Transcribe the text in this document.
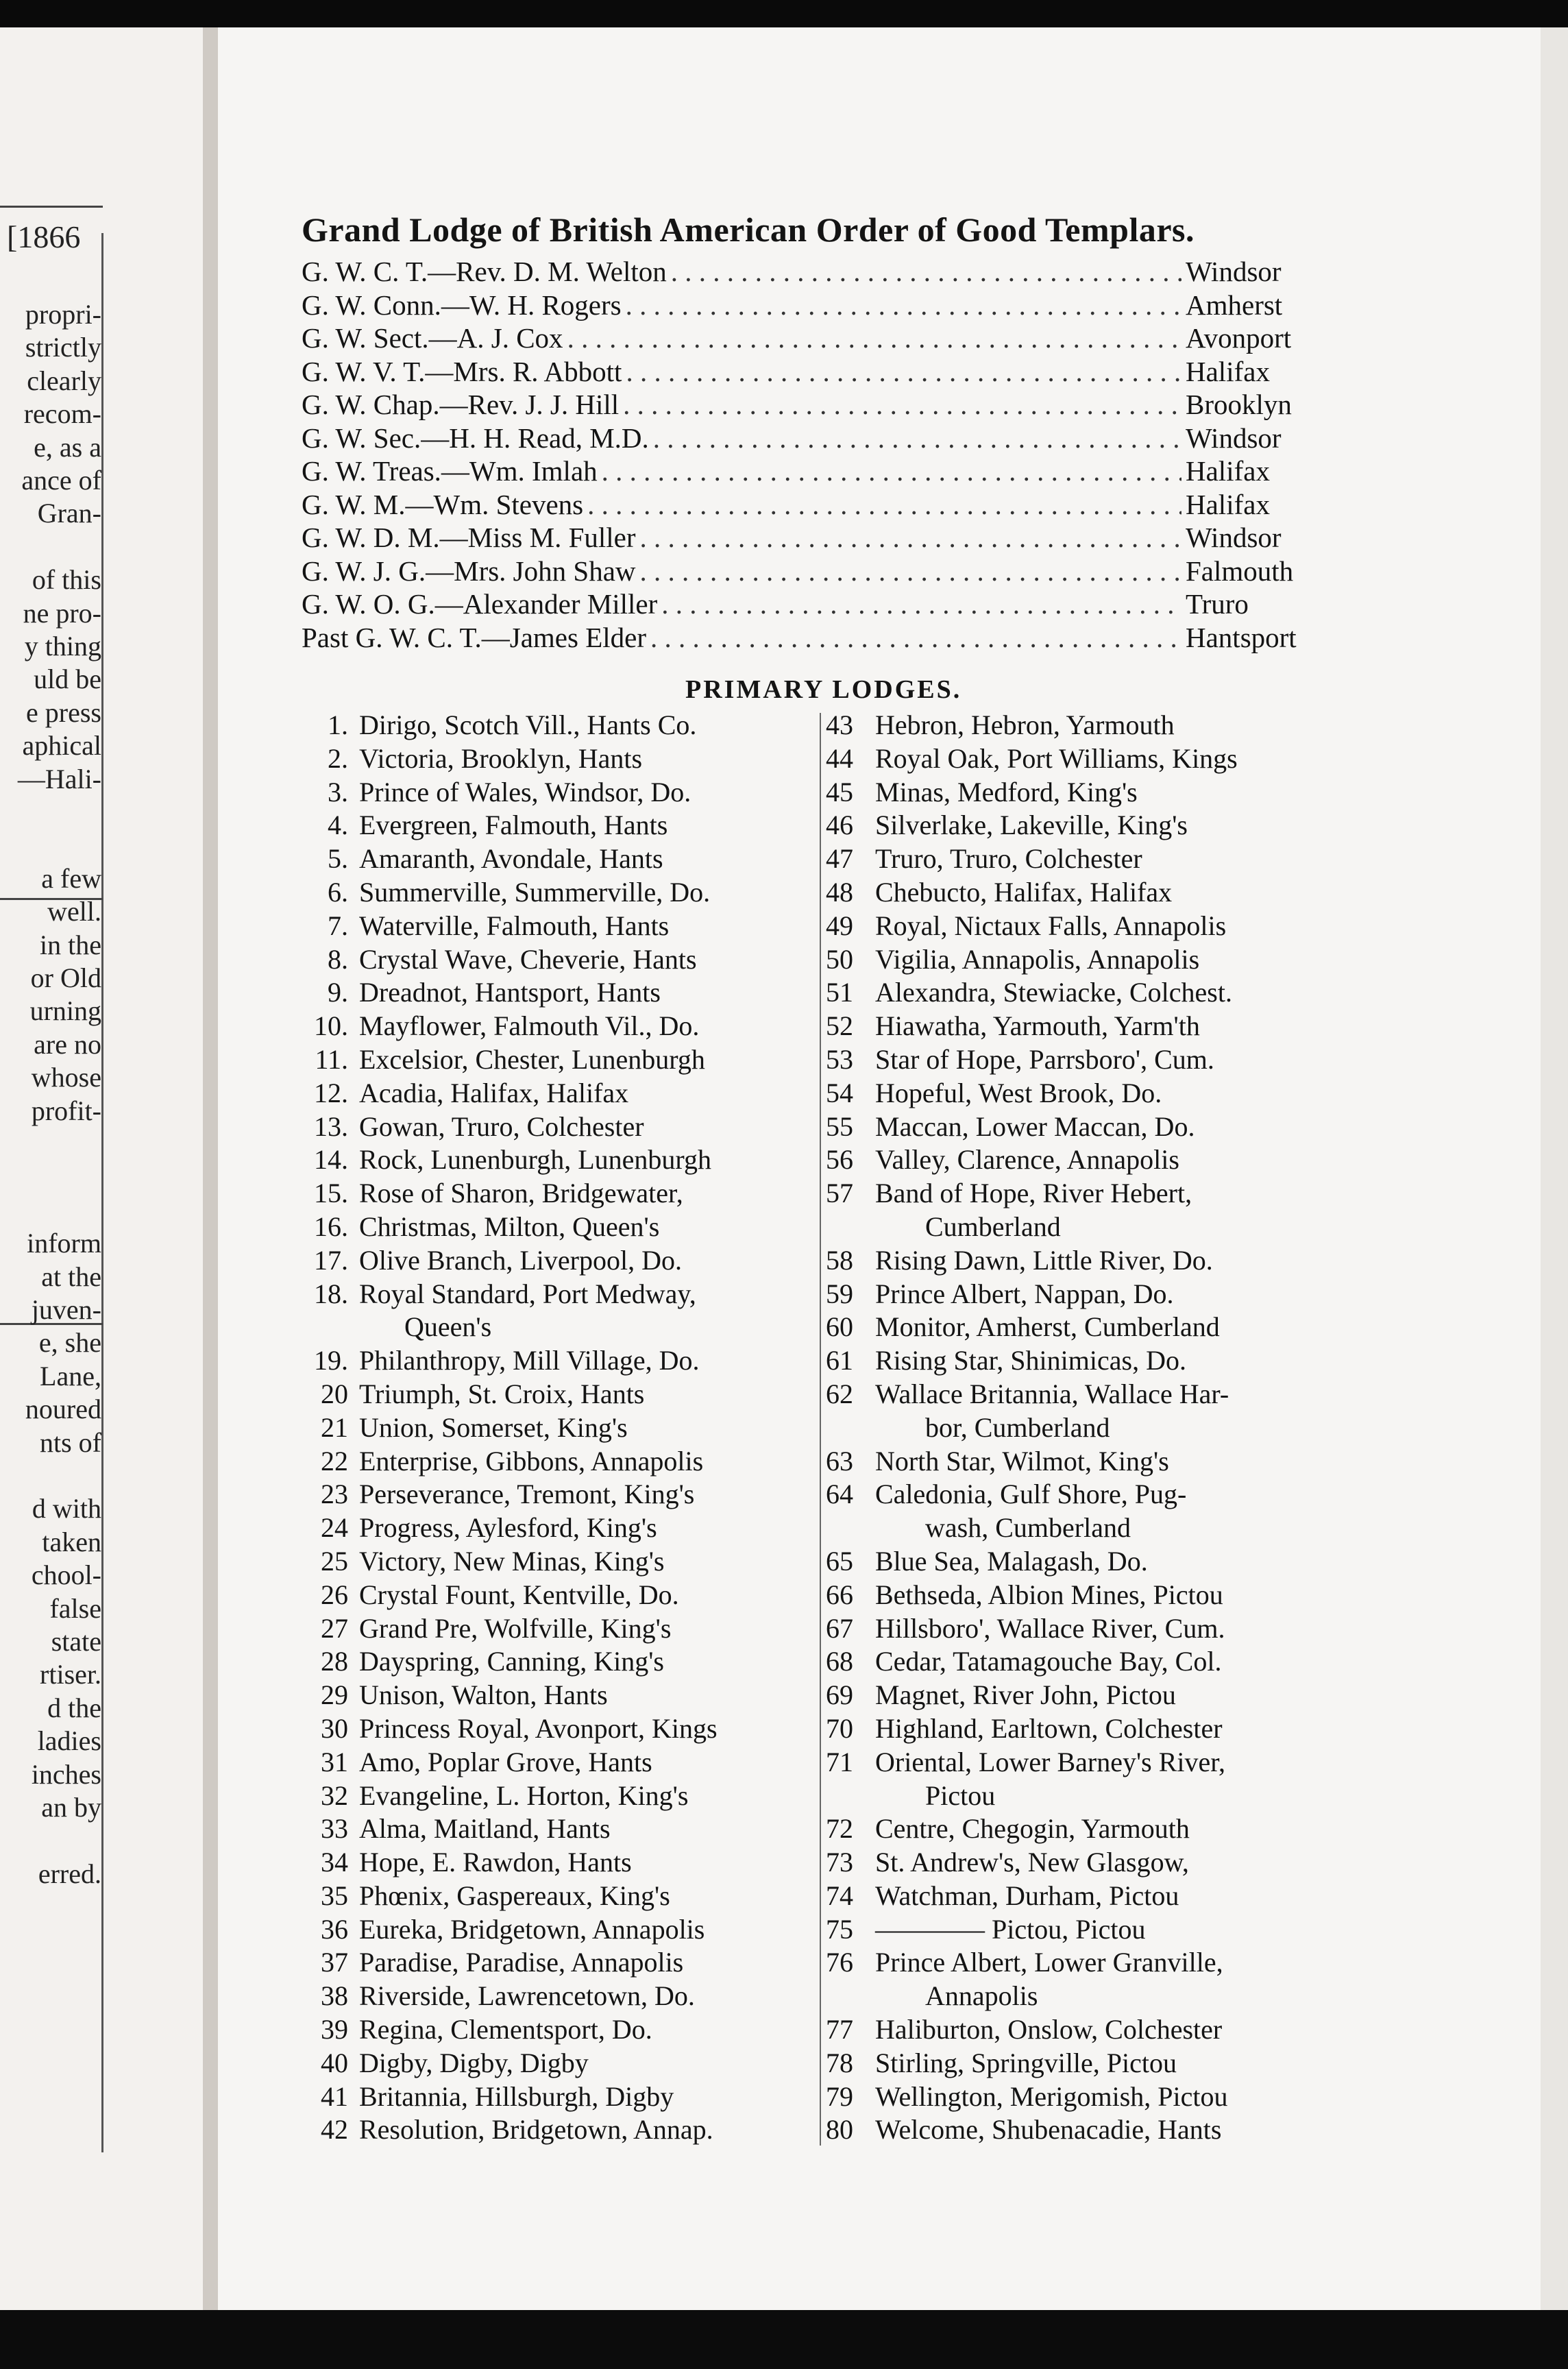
[1866
propri-
strictly
clearly
recom-
e, as a
ance of
Gran-
of this
ne pro-
y thing
uld be
e press
aphical
—Hali-
a few
well.
in the
or Old
urning
are no
whose
profit-
inform
at the
juven-
e, she
Lane,
noured
nts of
d with
taken
chool-
false
state
rtiser.
d the
ladies
inches
an by
erred.
Grand Lodge of British American Order of Good Templars.
G. W. C. T.—Rev. D. M. Welton . . .	Windsor
G. W. Conn.—W. H. Rogers . . .	Amherst
G. W. Sect.—A. J. Cox . . .	Avonport
G. W. V. T.—Mrs. R. Abbott . . .	Halifax
G. W. Chap.—Rev. J. J. Hill . . .	Brooklyn
G. W. Sec.—H. H. Read, M.D. . . .	Windsor
G. W. Treas.—Wm. Imlah . . .	Halifax
G. W. M.—Wm. Stevens . . .	Halifax
G. W. D. M.—Miss M. Fuller . . .	Windsor
G. W. J. G.—Mrs. John Shaw . . .	Falmouth
G. W. O. G.—Alexander Miller . . .	Truro
Past G. W. C. T.—James Elder . . .	Hantsport
PRIMARY LODGES.
1. Dirigo, Scotch Vill., Hants Co.
2. Victoria, Brooklyn, Hants
3. Prince of Wales, Windsor, Do.
4. Evergreen, Falmouth, Hants
5. Amaranth, Avondale, Hants
6. Summerville, Summerville, Do.
7. Waterville, Falmouth, Hants
8. Crystal Wave, Cheverie, Hants
9. Dreadnot, Hantsport, Hants
10. Mayflower, Falmouth Vil., Do.
11. Excelsior, Chester, Lunenburgh
12. Acadia, Halifax, Halifax
13. Gowan, Truro, Colchester
14. Rock, Lunenburgh, Lunenburgh
15. Rose of Sharon, Bridgewater,
16. Christmas, Milton, Queen's
17. Olive Branch, Liverpool, Do.
18. Royal Standard, Port Medway,
Queen's
19. Philanthropy, Mill Village, Do.
20 Triumph, St. Croix, Hants
21 Union, Somerset, King's
22 Enterprise, Gibbons, Annapolis
23 Perseverance, Tremont, King's
24 Progress, Aylesford, King's
25 Victory, New Minas, King's
26 Crystal Fount, Kentville, Do.
27 Grand Pre, Wolfville, King's
28 Dayspring, Canning, King's
29 Unison, Walton, Hants
30 Princess Royal, Avonport, Kings
31 Amo, Poplar Grove, Hants
32 Evangeline, L. Horton, King's
33 Alma, Maitland, Hants
34 Hope, E. Rawdon, Hants
35 Phœnix, Gaspereaux, King's
36 Eureka, Bridgetown, Annapolis
37 Paradise, Paradise, Annapolis
38 Riverside, Lawrencetown, Do.
39 Regina, Clementsport, Do.
40 Digby, Digby, Digby
41 Britannia, Hillsburgh, Digby
42 Resolution, Bridgetown, Annap.
43 Hebron, Hebron, Yarmouth
44 Royal Oak, Port Williams, Kings
45 Minas, Medford, King's
46 Silverlake, Lakeville, King's
47 Truro, Truro, Colchester
48 Chebucto, Halifax, Halifax
49 Royal, Nictaux Falls, Annapolis
50 Vigilia, Annapolis, Annapolis
51 Alexandra, Stewiacke, Colchest.
52 Hiawatha, Yarmouth, Yarm'th
53 Star of Hope, Parrsboro', Cum.
54 Hopeful, West Brook, Do.
55 Maccan, Lower Maccan, Do.
56 Valley, Clarence, Annapolis
57 Band of Hope, River Hebert,
Cumberland
58 Rising Dawn, Little River, Do.
59 Prince Albert, Nappan, Do.
60 Monitor, Amherst, Cumberland
61 Rising Star, Shinimicas, Do.
62 Wallace Britannia, Wallace Har-
bor, Cumberland
63 North Star, Wilmot, King's
64 Caledonia, Gulf Shore, Pug-
wash, Cumberland
65 Blue Sea, Malagash, Do.
66 Bethseda, Albion Mines, Pictou
67 Hillsboro', Wallace River, Cum.
68 Cedar, Tatamagouche Bay, Col.
69 Magnet, River John, Pictou
70 Highland, Earltown, Colchester
71 Oriental, Lower Barney's River,
Pictou
72 Centre, Chegogin, Yarmouth
73 St. Andrew's, New Glasgow,
74 Watchman, Durham, Pictou
75 ———— Pictou, Pictou
76 Prince Albert, Lower Granville,
Annapolis
77 Haliburton, Onslow, Colchester
78 Stirling, Springville, Pictou
79 Wellington, Merigomish, Pictou
80 Welcome, Shubenacadie, Hants
